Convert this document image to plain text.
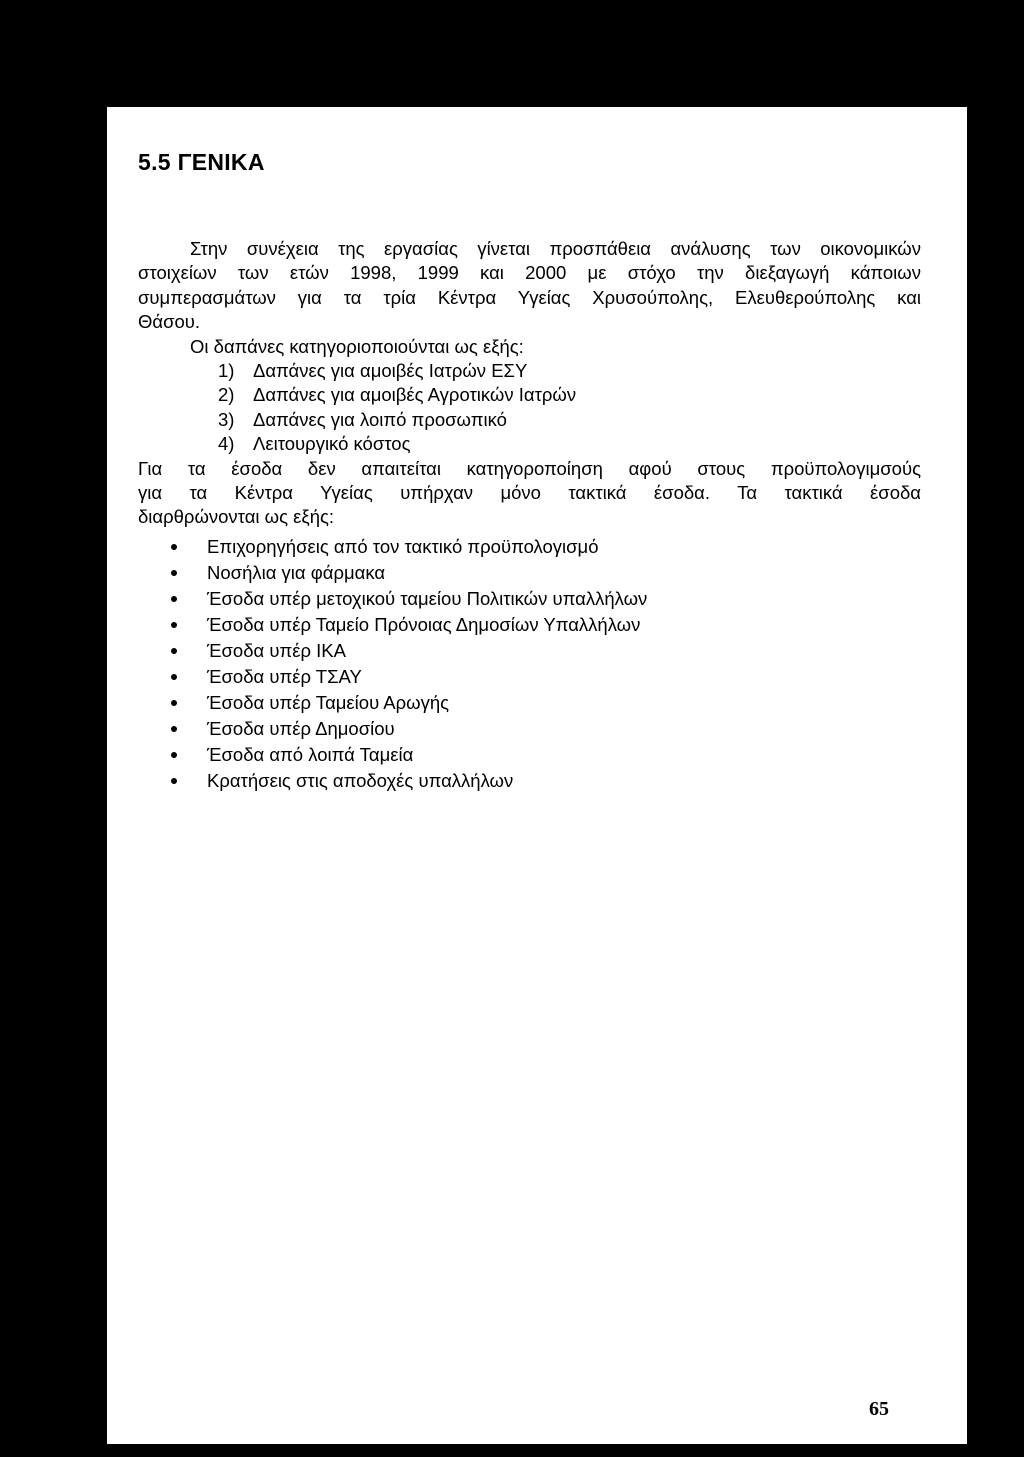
5.5 ΓΕΝΙΚΑ

Στην συνέχεια της εργασίας γίνεται προσπάθεια ανάλυσης των οικονομικών
στοιχείων των ετών 1998, 1999 και 2000 με στόχο την διεξαγωγή κάποιων
συμπερασμάτων για τα τρία Κέντρα Υγείας Χρυσούπολης, Ελευθερούπολης και
Θάσου.

Οι δαπάνες κατηγοριοποιούνται ως εξής:

1)	Δαπάνες για αμοιβές Ιατρών ΕΣΥ
2)	Δαπάνες για αμοιβές Αγροτικών Ιατρών
3)	Δαπάνες για λοιπό προσωπικό
4)	Λειτουργικό κόστος

Για τα έσοδα δεν απαιτείται κατηγοροποίηση αφού στους προϋπολογιμσούς
για τα Κέντρα Υγείας υπήρχαν μόνο τακτικά έσοδα. Τα τακτικά έσοδα
διαρθρώνονται ως εξής:

Επιχορηγήσεις από τον τακτικό προϋπολογισμό
Νοσήλια για φάρμακα
Έσοδα υπέρ μετοχικού ταμείου Πολιτικών υπαλλήλων
Έσοδα υπέρ Ταμείο Πρόνοιας Δημοσίων Υπαλλήλων
Έσοδα υπέρ ΙΚΑ
Έσοδα υπέρ ΤΣΑΥ
Έσοδα υπέρ Ταμείου Αρωγής
Έσοδα υπέρ Δημοσίου
Έσοδα από λοιπά Ταμεία
Κρατήσεις στις αποδοχές υπαλλήλων
65
